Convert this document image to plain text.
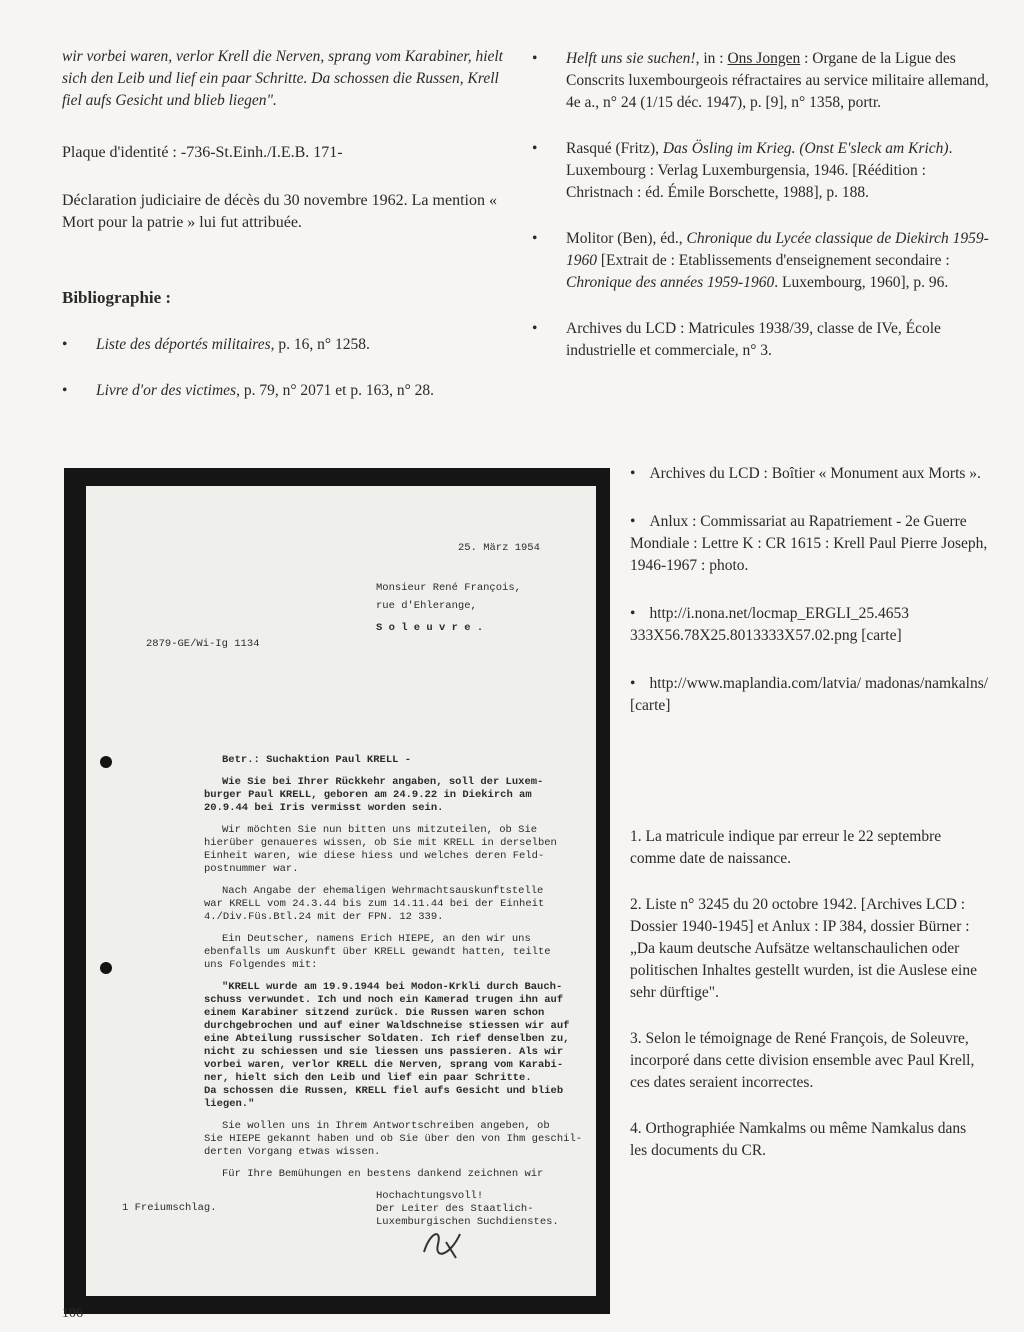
wir vorbei waren, verlor Krell die Nerven, sprang vom Karabiner, hielt sich den Leib und lief ein paar Schritte. Da schossen die Russen, Krell fiel aufs Gesicht und blieb liegen".

Plaque d'identité : -736-St.Einh./I.E.B. 171-

Déclaration judiciaire de décès du 30 novembre 1962. La mention « Mort pour la patrie » lui fut attribuée.

Bibliographie :
• Liste des déportés militaires, p. 16, n° 1258.
• Livre d'or des victimes, p. 79, n° 2071 et p. 163, n° 28.
• Helft uns sie suchen!, in : Ons Jongen : Organe de la Ligue des Conscrits luxembourgeois réfractaires au service militaire allemand, 4e a., n° 24 (1/15 déc. 1947), p. [9], n° 1358, portr.
• Rasqué (Fritz), Das Ösling im Krieg. (Onst E'sleck am Krich). Luxembourg : Verlag Luxemburgensia, 1946. [Réédition : Christnach : éd. Émile Borschette, 1988], p. 188.
• Molitor (Ben), éd., Chronique du Lycée classique de Diekirch 1959-1960 [Extrait de : Etablissements d'enseignement secondaire : Chronique des années 1959-1960. Luxembourg, 1960], p. 96.
• Archives du LCD : Matricules 1938/39, classe de IVe, École industrielle et commerciale, n° 3.
• Archives du LCD : Boîtier « Monument aux Morts ».
• Anlux : Commissariat au Rapatriement - 2e Guerre Mondiale : Lettre K : CR 1615 : Krell Paul Pierre Joseph, 1946-1967 : photo.
• http://i.nona.net/locmap_ERGLI_25.4653 333X56.78X25.8013333X57.02.png [carte]
• http://www.maplandia.com/latvia/ madonas/namkalns/ [carte]

1. La matricule indique par erreur le 22 septembre comme date de naissance.

2. Liste n° 3245 du 20 octobre 1942. [Archives LCD : Dossier 1940-1945] et Anlux : IP 384, dossier Bürner : „Da kaum deutsche Aufsätze weltanschaulichen oder politischen Inhaltes gestellt wurden, ist die Auslese eine sehr dürftige".

3. Selon le témoignage de René François, de Soleuvre, incorporé dans cette division ensemble avec Paul Krell, ces dates seraient incorrectes.

4. Orthographiée Namkalms ou même Namkalus dans les documents du CR.

25. März 1954
Monsieur René François,
rue d'Ehlerange,
S o l e u v r e .
2879-GE/Wi-Ig 1134
Betr.: Suchaktion Paul KRELL -
Wie Sie bei Ihrer Rückkehr angaben, soll der Luxem-
burger Paul KRELL, geboren am 24.9.22 in Diekirch am
20.9.44 bei Iris vermisst worden sein.
Wir möchten Sie nun bitten uns mitzuteilen, ob Sie
hierüber genaueres wissen, ob Sie mit KRELL in derselben
Einheit waren, wie diese hiess und welches deren Feld-
postnummer war.
Nach Angabe der ehemaligen Wehrmachtsauskunftstelle
war KRELL vom 24.3.44 bis zum 14.11.44 bei der Einheit
4./Div.Füs.Btl.24 mit der FPN. 12 339.
Ein Deutscher, namens Erich HIEPE, an den wir uns
ebenfalls um Auskunft über KRELL gewandt hatten, teilte
uns Folgendes mit:
"KRELL wurde am 19.9.1944 bei Modon-Krkli durch Bauch-
schuss verwundet. Ich und noch ein Kamerad trugen ihn auf
einem Karabiner sitzend zurück. Die Russen waren schon
durchgebrochen und auf einer Waldschneise stiessen wir auf
eine Abteilung russischer Soldaten. Ich rief denselben zu,
nicht zu schiessen und sie liessen uns passieren. Als wir
vorbei waren, verlor KRELL die Nerven, sprang vom Karabi-
ner, hielt sich den Leib und lief ein paar Schritte.
Da schossen die Russen, KRELL fiel aufs Gesicht und blieb
liegen."
Sie wollen uns in Ihrem Antwortschreiben angeben, ob
Sie HIEPE gekannt haben und ob Sie über den von Ihm geschil-
derten Vorgang etwas wissen.
Für Ihre Bemühungen en bestens dankend zeichnen wir
Hochachtungsvoll!
Der Leiter des Staatlich-
Luxemburgischen Suchdienstes.
1 Freiumschlag.
106
